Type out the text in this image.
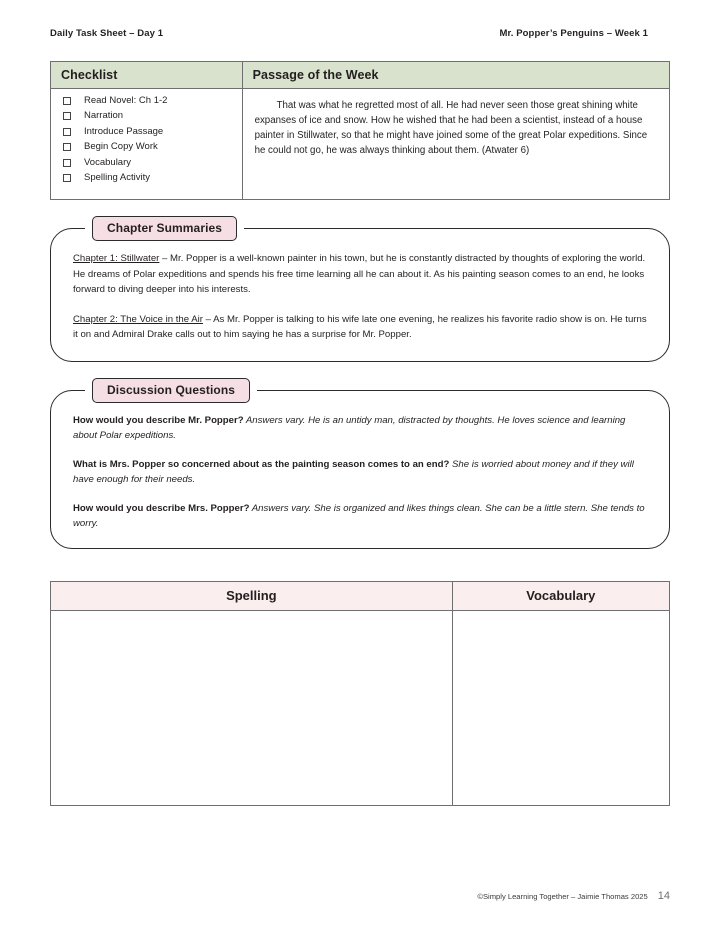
Daily Task Sheet – Day 1	Mr. Popper’s Penguins – Week 1
Checklist
Read Novel: Ch 1-2
Narration
Introduce Passage
Begin Copy Work
Vocabulary
Spelling Activity
Passage of the Week
That was what he regretted most of all. He had never seen those great shining white expanses of ice and snow. How he wished that he had been a scientist, instead of a house painter in Stillwater, so that he might have joined some of the great Polar expeditions. Since he could not go, he was always thinking about them. (Atwater 6)
Chapter Summaries

Chapter 1: Stillwater – Mr. Popper is a well-known painter in his town, but he is constantly distracted by thoughts of exploring the world. He dreams of Polar expeditions and spends his free time learning all he can about it. As his painting season comes to an end, he looks forward to diving deeper into his interests.

Chapter 2: The Voice in the Air – As Mr. Popper is talking to his wife late one evening, he realizes his favorite radio show is on. He turns it on and Admiral Drake calls out to him saying he has a surprise for Mr. Popper.

Discussion Questions

How would you describe Mr. Popper? Answers vary. He is an untidy man, distracted by thoughts. He loves science and learning about Polar expeditions.

What is Mrs. Popper so concerned about as the painting season comes to an end? She is worried about money and if they will have enough for their needs.

How would you describe Mrs. Popper? Answers vary. She is organized and likes things clean. She can be a little stern. She tends to worry.

Spelling	Vocabulary
©Simply Learning Together – Jaimie Thomas 2025 14
